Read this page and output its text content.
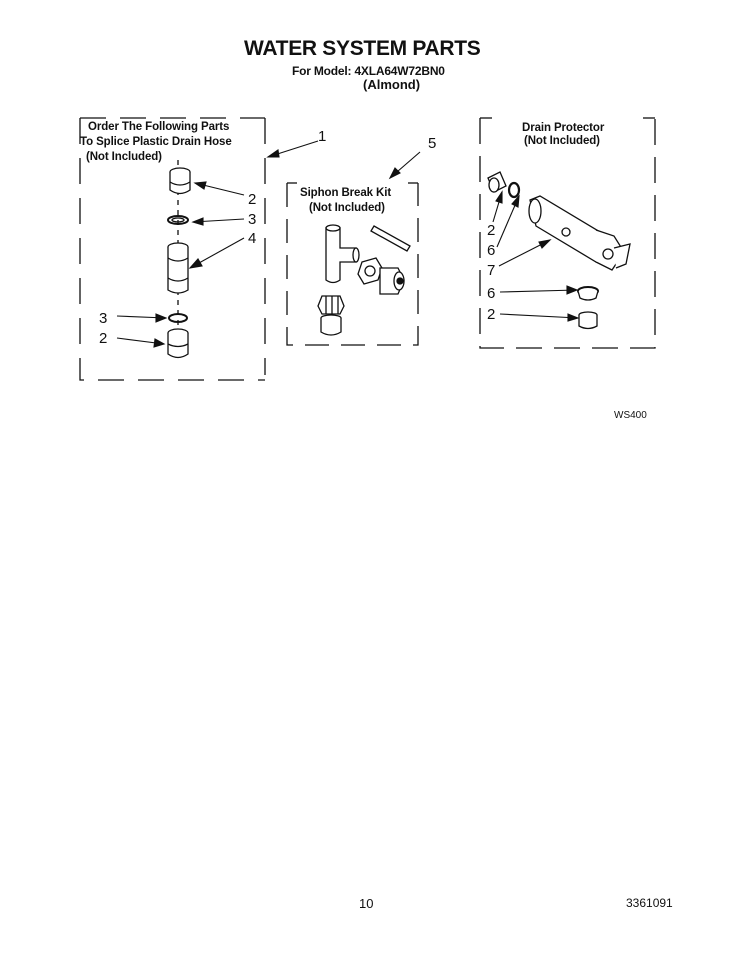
WATER SYSTEM PARTS
For Model: 4XLA64W72BN0
(Almond)
Order The Following Parts
To Splice Plastic Drain Hose
(Not Included)
Siphon Break Kit
(Not Included)
Drain Protector
(Not Included)
1	5
2
3
4
3
2
2
6
7
6
2
WS400
10	3361091
